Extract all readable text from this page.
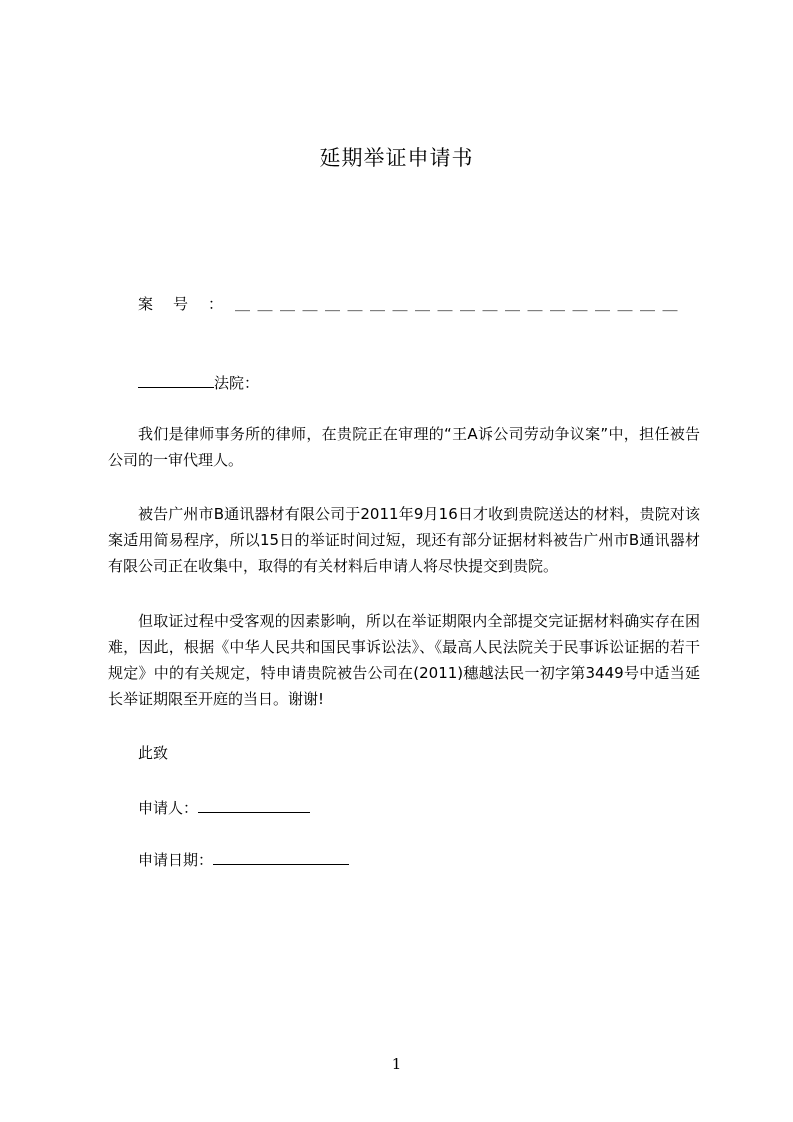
延期举证申请书
案号： ＿＿＿＿＿＿＿＿＿＿＿＿＿＿＿＿＿＿＿＿
法院：
我们是律师事务所的律师，在贵院正在审理的“王A诉公司劳动争议案”中，担任被告公司的一审代理人。
被告广州市B通讯器材有限公司于2011年9月16日才收到贵院送达的材料，贵院对该案适用简易程序，所以15日的举证时间过短，现还有部分证据材料被告广州市B通讯器材有限公司正在收集中，取得的有关材料后申请人将尽快提交到贵院。
但取证过程中受客观的因素影响，所以在举证期限内全部提交完证据材料确实存在困难，因此，根据《中华人民共和国民事诉讼法》、《最高人民法院关于民事诉讼证据的若干规定》中的有关规定，特申请贵院被告公司在(2011)穗越法民一初字第3449号中适当延长举证期限至开庭的当日。谢谢!
此致
申请人：
申请日期：
1
